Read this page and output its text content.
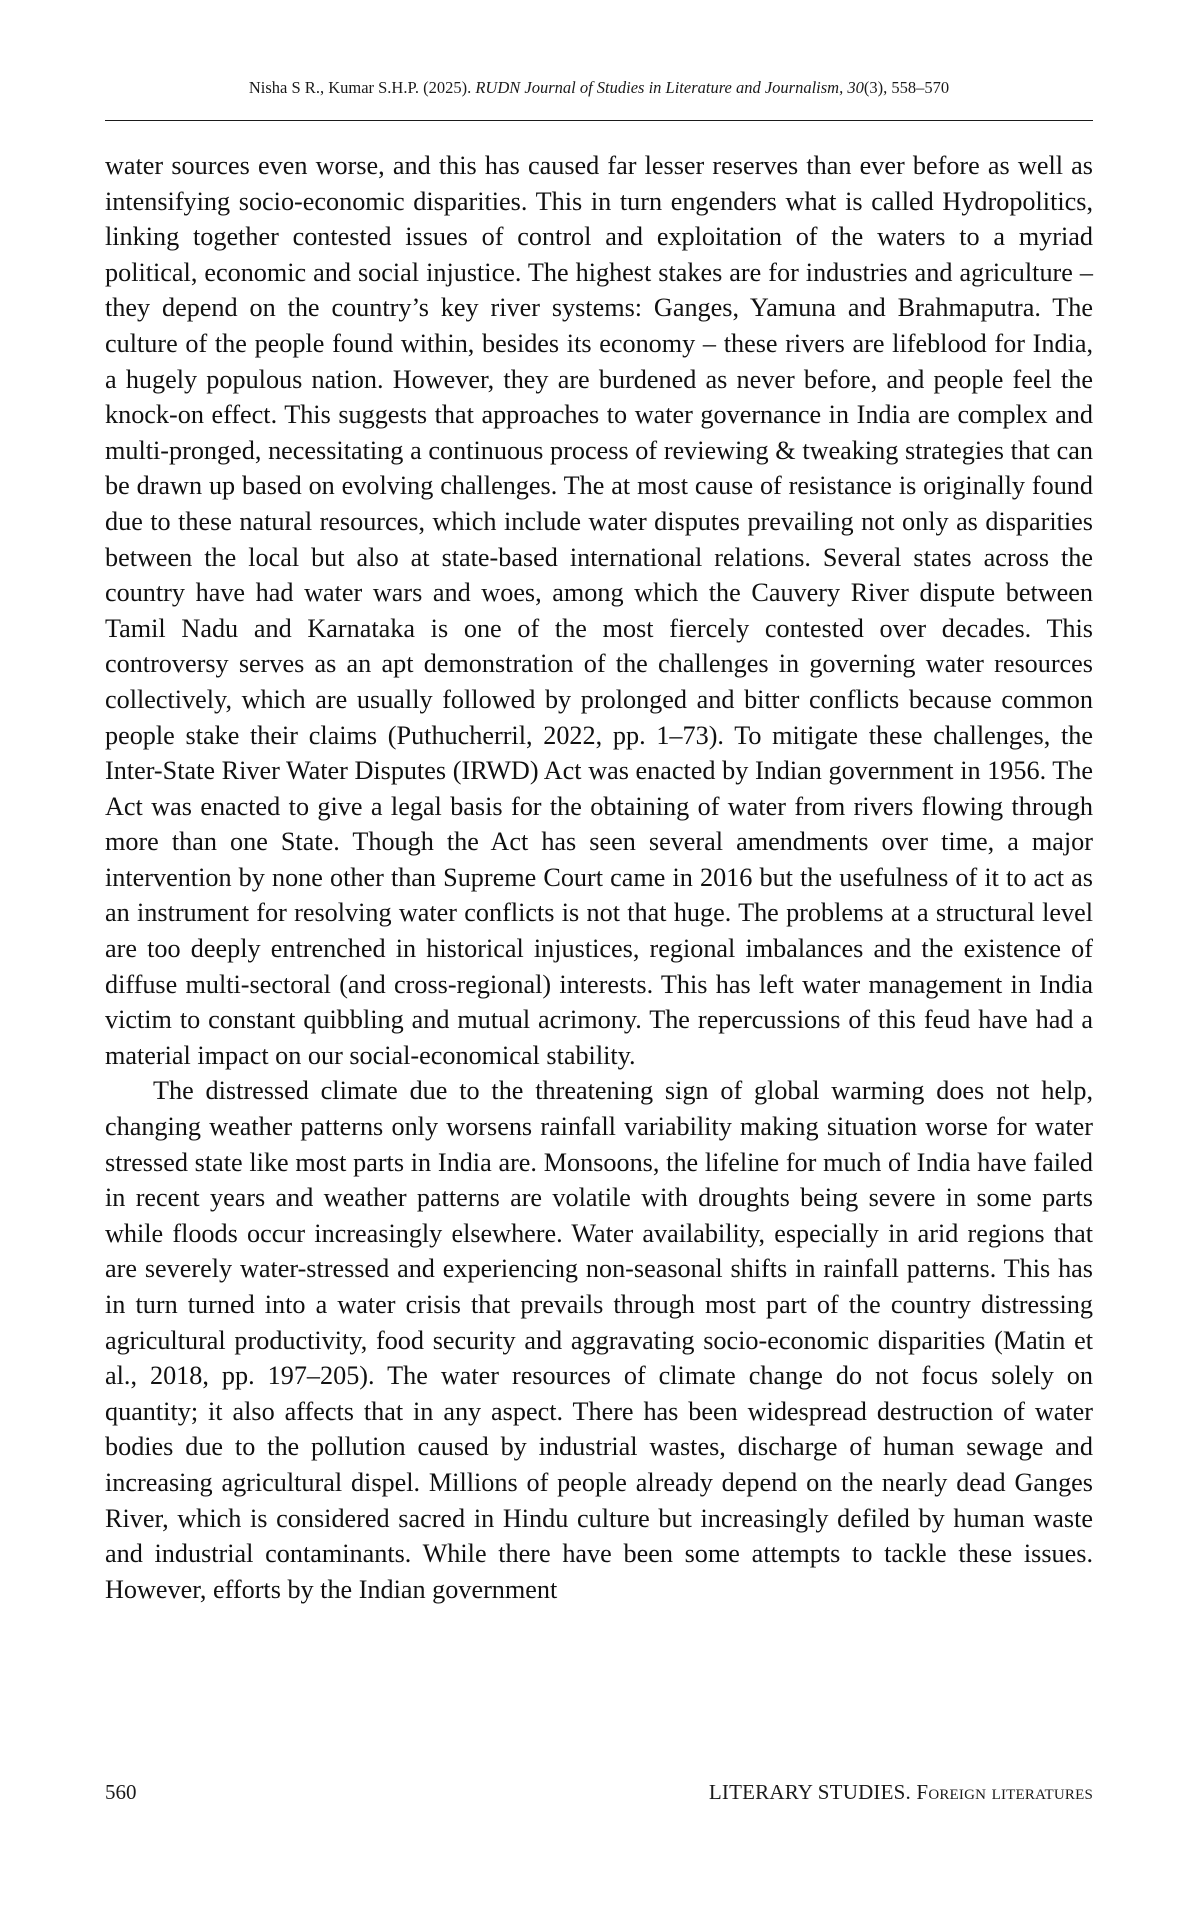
Nisha S R., Kumar S.H.P. (2025). RUDN Journal of Studies in Literature and Journalism, 30(3), 558–570

water sources even worse, and this has caused far lesser reserves than ever before as well as intensifying socio-economic disparities. This in turn engenders what is called Hydropolitics, linking together contested issues of control and exploitation of the waters to a myriad political, economic and social injustice. The highest stakes are for industries and agriculture – they depend on the country’s key river systems: Ganges, Yamuna and Brahmaputra. The culture of the people found within, besides its economy – these rivers are lifeblood for India, a hugely populous nation. However, they are burdened as never before, and people feel the knock-on effect. This suggests that approaches to water governance in India are complex and multi-pronged, necessitating a continuous process of reviewing & tweaking strategies that can be drawn up based on evolving challenges. The at most cause of resistance is originally found due to these natural resources, which include water disputes prevailing not only as disparities between the local but also at state-based international relations. Several states across the country have had water wars and woes, among which the Cauvery River dispute between Tamil Nadu and Karnataka is one of the most fiercely contested over decades. This controversy serves as an apt demonstration of the challenges in governing water resources collectively, which are usually followed by prolonged and bitter conflicts because common people stake their claims (Puthucherril, 2022, pp. 1–73). To mitigate these challenges, the Inter-State River Water Disputes (IRWD) Act was enacted by Indian government in 1956. The Act was enacted to give a legal basis for the obtaining of water from rivers flowing through more than one State. Though the Act has seen several amendments over time, a major intervention by none other than Supreme Court came in 2016 but the usefulness of it to act as an instrument for resolving water conflicts is not that huge. The problems at a structural level are too deeply entrenched in historical injustices, regional imbalances and the existence of diffuse multi-sectoral (and cross-regional) interests. This has left water management in India victim to constant quibbling and mutual acrimony. The repercussions of this feud have had a material impact on our social-economical stability.

The distressed climate due to the threatening sign of global warming does not help, changing weather patterns only worsens rainfall variability making situation worse for water stressed state like most parts in India are. Monsoons, the lifeline for much of India have failed in recent years and weather patterns are volatile with droughts being severe in some parts while floods occur increasingly elsewhere. Water availability, especially in arid regions that are severely water-stressed and experiencing non-seasonal shifts in rainfall patterns. This has in turn turned into a water crisis that prevails through most part of the country distressing agricultural productivity, food security and aggravating socio-economic disparities (Matin et al., 2018, pp. 197–205). The water resources of climate change do not focus solely on quantity; it also affects that in any aspect. There has been widespread destruction of water bodies due to the pollution caused by industrial wastes, discharge of human sewage and increasing agricultural dispel. Millions of people already depend on the nearly dead Ganges River, which is considered sacred in Hindu culture but increasingly defiled by human waste and industrial contaminants. While there have been some attempts to tackle these issues. However, efforts by the Indian government

560	LITERARY STUDIES. Foreign literatures
